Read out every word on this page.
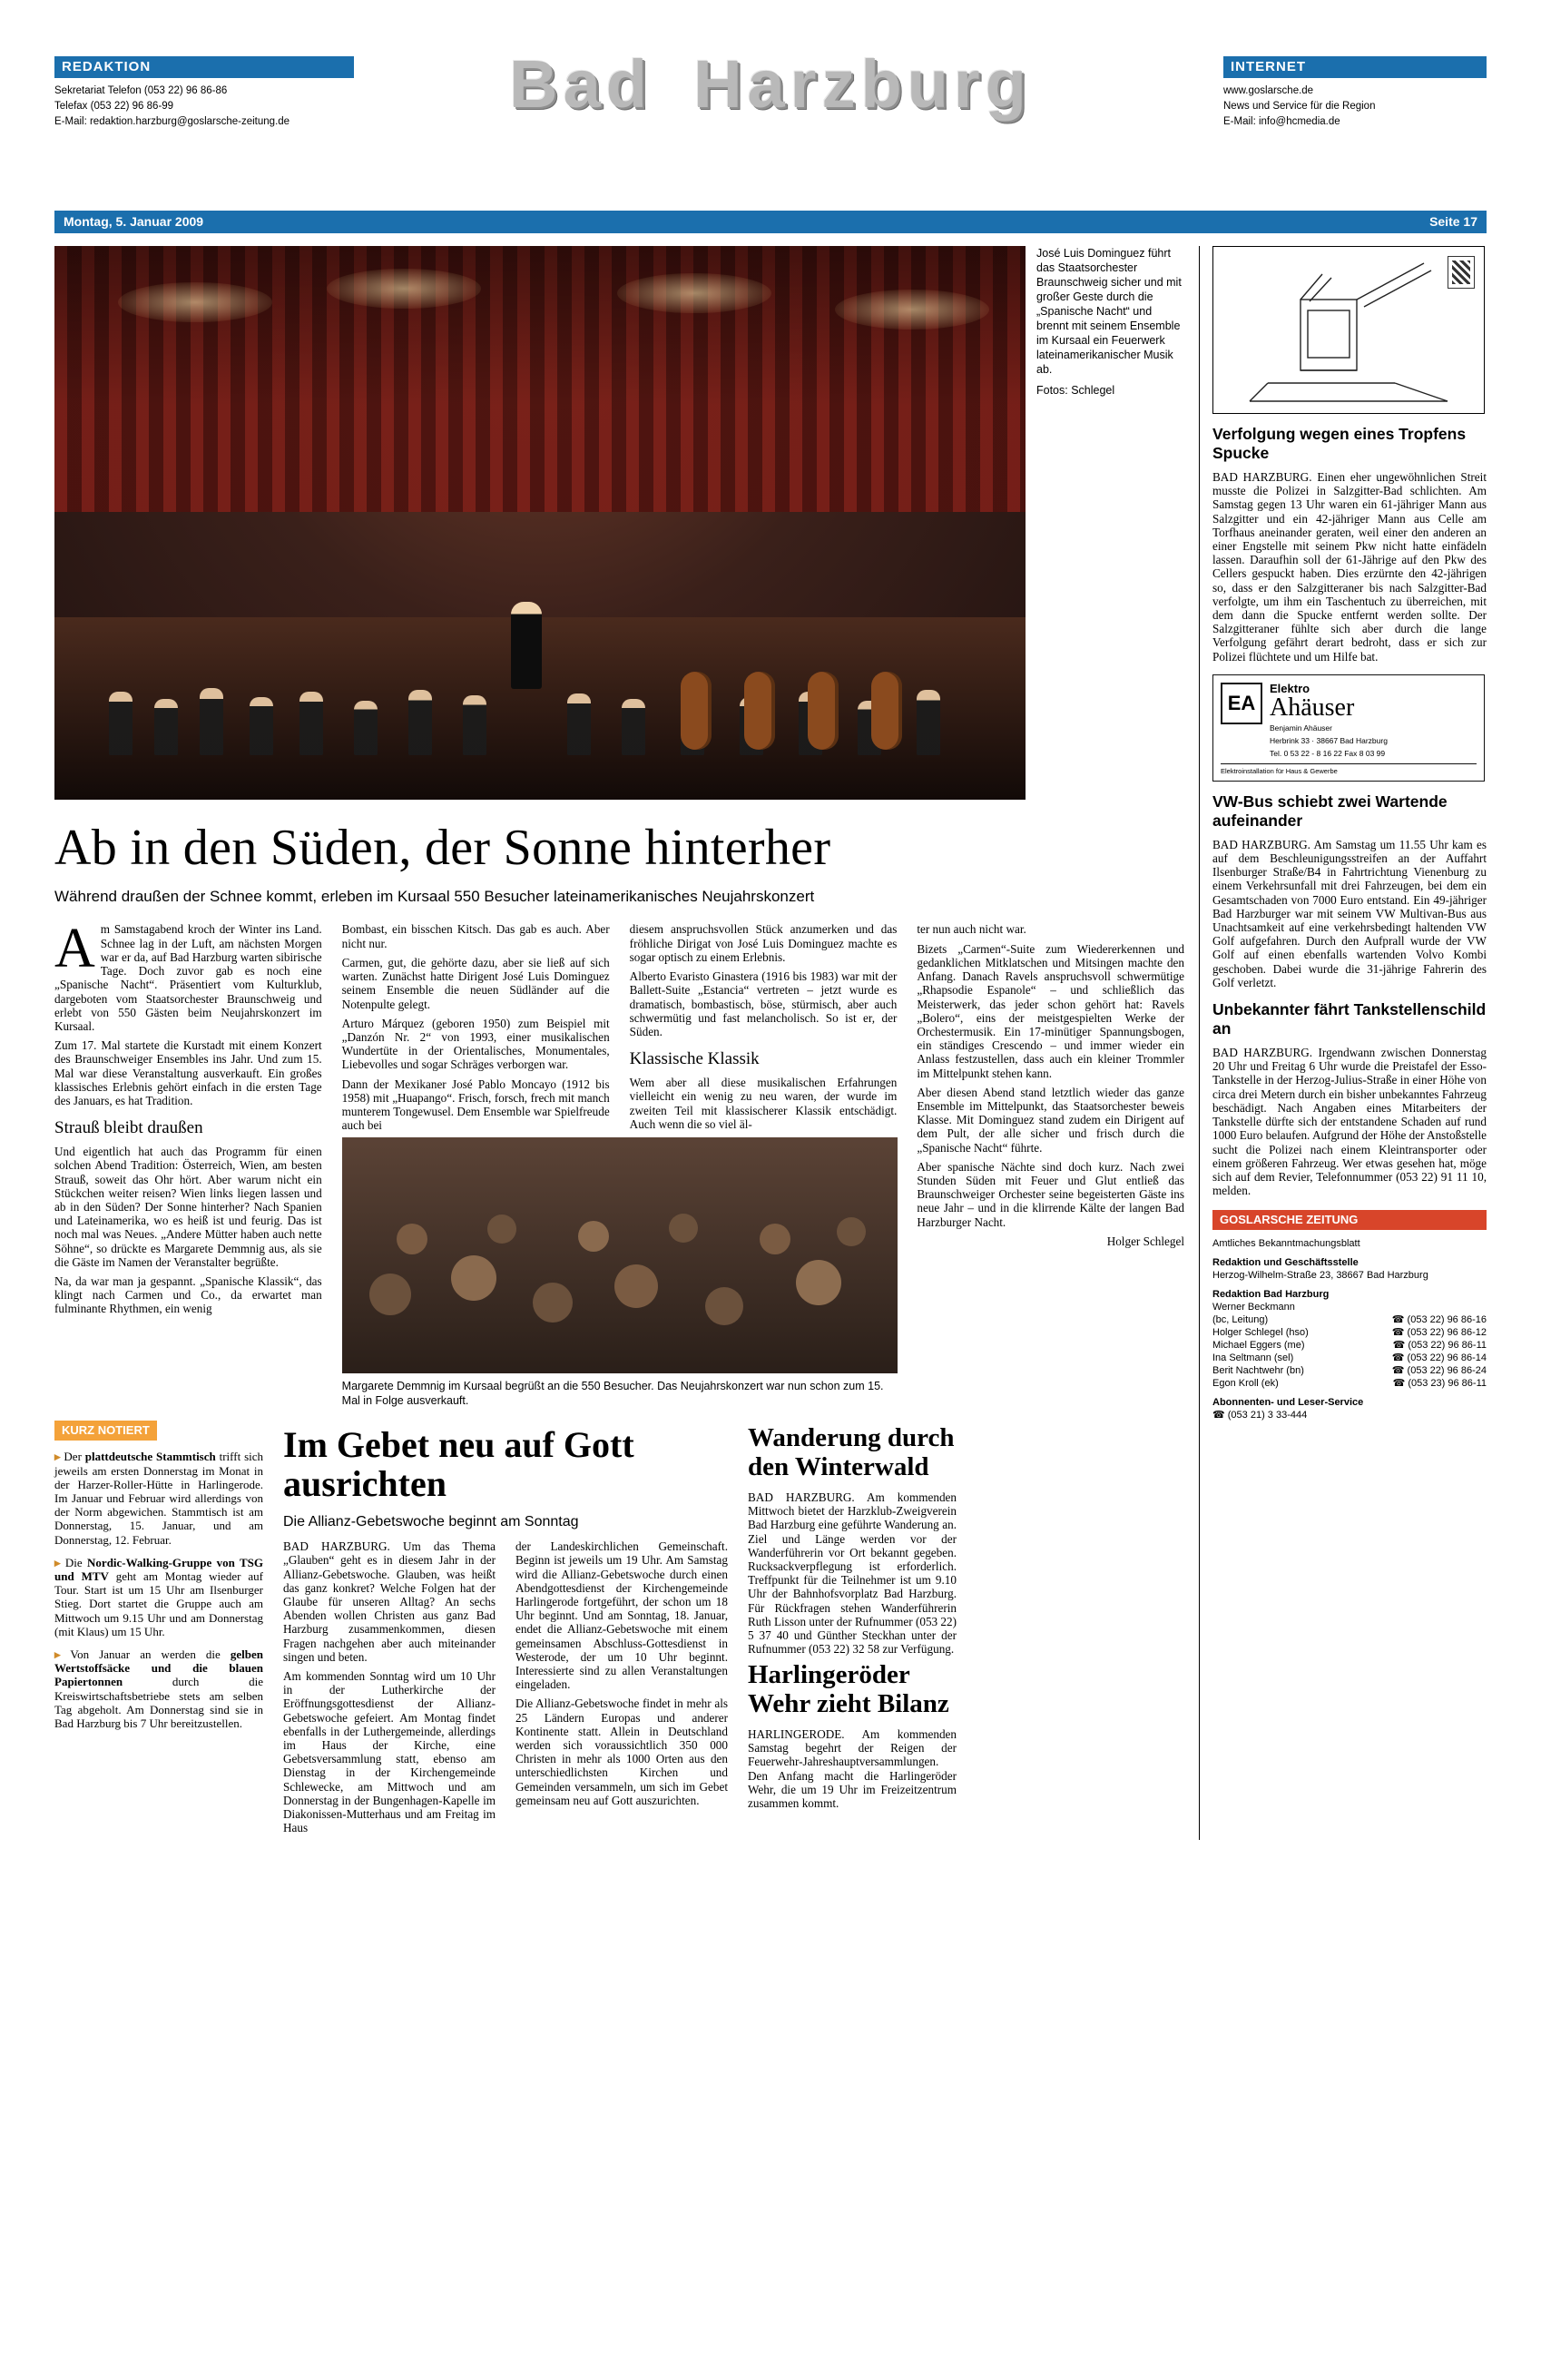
REDAKTION
Sekretariat Telefon (053 22) 96 86-86
Telefax (053 22) 96 86-99
E-Mail: redaktion.harzburg@goslarsche-zeitung.de	Bad Harzburg	INTERNET
www.goslarsche.de
News und Service für die Region
E-Mail: info@hcmedia.de
Montag, 5. Januar 2009	Seite 17
José Luis Dominguez führt das Staatsorchester Braunschweig sicher und mit großer Geste durch die „Spanische Nacht“ und brennt mit seinem Ensemble im Kursaal ein Feuerwerk lateinamerikanischer Musik ab.
Fotos: Schlegel
Ab in den Süden, der Sonne hinterher
Während draußen der Schnee kommt, erleben im Kursaal 550 Besucher lateinamerikanisches Neujahrskonzert

Am Samstagabend kroch der Winter ins Land. Schnee lag in der Luft, am nächsten Morgen war er da, auf Bad Harzburg warten sibirische Tage. Doch zuvor gab es noch eine „Spanische Nacht“. Präsentiert vom Kulturklub, dargeboten vom Staatsorchester Braunschweig und erlebt von 550 Gästen beim Neujahrskonzert im Kursaal.

Zum 17. Mal startete die Kurstadt mit einem Konzert des Braunschweiger Ensembles ins Jahr. Und zum 15. Mal war diese Veranstaltung ausverkauft. Ein großes klassisches Erlebnis gehört einfach in die ersten Tage des Januars, es hat Tradition.

Strauß bleibt draußen

Und eigentlich hat auch das Programm für einen solchen Abend Tradition: Österreich, Wien, am besten Strauß, soweit das Ohr hört. Aber warum nicht ein Stückchen weiter reisen? Wien links liegen lassen und ab in den Süden? Der Sonne hinterher? Nach Spanien und Lateinamerika, wo es heiß ist und feurig. Das ist noch mal was Neues. „Andere Mütter haben auch nette Söhne“, so drückte es Margarete Demmnig aus, als sie die Gäste im Namen der Veranstalter begrüßte.

Na, da war man ja gespannt. „Spanische Klassik“, das klingt nach Carmen und Co., da erwartet man fulminante Rhythmen, ein wenig

Bombast, ein bisschen Kitsch. Das gab es auch. Aber nicht nur.

Carmen, gut, die gehörte dazu, aber sie ließ auf sich warten. Zunächst hatte Dirigent José Luis Dominguez seinem Ensemble die neuen Südländer auf die Notenpulte gelegt.

Arturo Márquez (geboren 1950) zum Beispiel mit „Danzón Nr. 2“ von 1993, einer musikalischen Wundertüte in der Orientalisches, Monumentales, Liebevolles und sogar Schräges verborgen war.

Dann der Mexikaner José Pablo Moncayo (1912 bis 1958) mit „Huapango“. Frisch, forsch, frech mit manch munterem Tongewusel. Dem Ensemble war Spielfreude auch bei

Margarete Demmnig im Kursaal begrüßt an die 550 Besucher. Das Neujahrskonzert war nun schon zum 15. Mal in Folge ausverkauft.

diesem anspruchsvollen Stück anzumerken und das fröhliche Dirigat von José Luis Dominguez machte es sogar optisch zu einem Erlebnis.

Alberto Evaristo Ginastera (1916 bis 1983) war mit der Ballett-Suite „Estancia“ vertreten – jetzt wurde es dramatisch, bombastisch, böse, stürmisch, aber auch schwermütig und fast melancholisch. So ist er, der Süden.

Klassische Klassik

Wem aber all diese musikalischen Erfahrungen vielleicht ein wenig zu neu waren, der wurde im zweiten Teil mit klassischerer Klassik entschädigt. Auch wenn die so viel äl-

ter nun auch nicht war.

Bizets „Carmen“-Suite zum Wiedererkennen und gedanklichen Mitklatschen und Mitsingen machte den Anfang. Danach Ravels anspruchsvoll schwermütige „Rhapsodie Espanole“ – und schließlich das Meisterwerk, das jeder schon gehört hat: Ravels „Bolero“, eins der meistgespielten Werke der Orchestermusik. Ein 17-minütiger Spannungsbogen, ein ständiges Crescendo – und immer wieder ein Anlass festzustellen, dass auch ein kleiner Trommler im Mittelpunkt stehen kann.

Aber diesen Abend stand letztlich wieder das ganze Ensemble im Mittelpunkt, das Staatsorchester beweis Klasse. Mit Dominguez stand zudem ein Dirigent auf dem Pult, der alle sicher und frisch durch die „Spanische Nacht“ führte.

Aber spanische Nächte sind doch kurz. Nach zwei Stunden Süden mit Feuer und Glut entließ das Braunschweiger Orchester seine begeisterten Gäste ins neue Jahr – und in die klirrende Kälte der langen Bad Harzburger Nacht.

Holger Schlegel

KURZ NOTIERT
▸ Der plattdeutsche Stammtisch trifft sich jeweils am ersten Donnerstag im Monat in der Harzer-Roller-Hütte in Harlingerode. Im Januar und Februar wird allerdings von der Norm abgewichen. Stammtisch ist am Donnerstag, 15. Januar, und am Donnerstag, 12. Februar.
▸ Die Nordic-Walking-Gruppe von TSG und MTV geht am Montag wieder auf Tour. Start ist um 15 Uhr am Ilsenburger Stieg. Dort startet die Gruppe auch am Mittwoch um 9.15 Uhr und am Donnerstag (mit Klaus) um 15 Uhr.
▸ Von Januar an werden die gelben Wertstoffsäcke und die blauen Papiertonnen durch die Kreiswirtschaftsbetriebe stets am selben Tag abgeholt. Am Donnerstag sind sie in Bad Harzburg bis 7 Uhr bereitzustellen.
Im Gebet neu auf Gott ausrichten
Die Allianz-Gebetswoche beginnt am Sonntag

BAD HARZBURG. Um das Thema „Glauben“ geht es in diesem Jahr in der Allianz-Gebetswoche. Glauben, was heißt das ganz konkret? Welche Folgen hat der Glaube für unseren Alltag? An sechs Abenden wollen Christen aus ganz Bad Harzburg zusammenkommen, diesen Fragen nachgehen aber auch miteinander singen und beten.

Am kommenden Sonntag wird um 10 Uhr in der Lutherkirche der Eröffnungsgottesdienst der Allianz-Gebetswoche gefeiert. Am Montag findet ebenfalls in der Luthergemeinde, allerdings im Haus der Kirche, eine Gebetsversammlung statt, ebenso am Dienstag in der Kirchengemeinde Schlewecke, am Mittwoch und am Donnerstag in der Bungenhagen-Kapelle im Diakonissen-Mutterhaus und am Freitag im Haus

der Landeskirchlichen Gemeinschaft. Beginn ist jeweils um 19 Uhr. Am Samstag wird die Allianz-Gebetswoche durch einen Abendgottesdienst der Kirchengemeinde Harlingerode fortgeführt, der schon um 18 Uhr beginnt. Und am Sonntag, 18. Januar, endet die Allianz-Gebetswoche mit einem gemeinsamen Abschluss-Gottesdienst in Westerode, der um 10 Uhr beginnt. Interessierte sind zu allen Veranstaltungen eingeladen.

Die Allianz-Gebetswoche findet in mehr als 25 Ländern Europas und anderer Kontinente statt. Allein in Deutschland werden sich voraussichtlich 350 000 Christen in mehr als 1000 Orten aus den unterschiedlichsten Kirchen und Gemeinden versammeln, um sich im Gebet gemeinsam neu auf Gott auszurichten.

Wanderung durch den Winterwald

BAD HARZBURG. Am kommenden Mittwoch bietet der Harzklub-Zweigverein Bad Harzburg eine geführte Wanderung an. Ziel und Länge werden vor der Wanderführerin vor Ort bekannt gegeben. Rucksackverpflegung ist erforderlich. Treffpunkt für die Teilnehmer ist um 9.10 Uhr der Bahnhofsvorplatz Bad Harzburg. Für Rückfragen stehen Wanderführerin Ruth Lisson unter der Rufnummer (053 22) 5 37 40 und Günther Steckhan unter der Rufnummer (053 22) 32 58 zur Verfügung.

Harlingeröder Wehr zieht Bilanz

HARLINGERODE. Am kommenden Samstag begehrt der Reigen der Feuerwehr-Jahreshauptversammlungen. Den Anfang macht die Harlingeröder Wehr, die um 19 Uhr im Freizeitzentrum zusammen kommt.

Verfolgung wegen eines Tropfens Spucke
BAD HARZBURG. Einen eher ungewöhnlichen Streit musste die Polizei in Salzgitter-Bad schlichten. Am Samstag gegen 13 Uhr waren ein 61-jähriger Mann aus Salzgitter und ein 42-jähriger Mann aus Celle am Torfhaus aneinander geraten, weil einer den anderen an einer Engstelle mit seinem Pkw nicht hatte einfädeln lassen. Daraufhin soll der 61-Jährige auf den Pkw des Cellers gespuckt haben. Dies erzürnte den 42-jährigen so, dass er den Salzgitteraner bis nach Salzgitter-Bad verfolgte, um ihm ein Taschentuch zu überreichen, mit dem dann die Spucke entfernt werden sollte. Der Salzgitteraner fühlte sich aber durch die lange Verfolgung gefährt derart bedroht, dass er sich zur Polizei flüchtete und um Hilfe bat.
EA
Elektro
Ahäuser
Benjamin Ahäuser
Herbrink 33 · 38667 Bad Harzburg
Tel. 0 53 22 - 8 16 22 Fax 8 03 99
Elektroinstallation für Haus & Gewerbe
VW-Bus schiebt zwei Wartende aufeinander
BAD HARZBURG. Am Samstag um 11.55 Uhr kam es auf dem Beschleunigungsstreifen an der Auffahrt Ilsenburger Straße/B4 in Fahrtrichtung Vienenburg zu einem Verkehrsunfall mit drei Fahrzeugen, bei dem ein Gesamtschaden von 7000 Euro entstand. Ein 49-jähriger Bad Harzburger war mit seinem VW Multivan-Bus aus Unachtsamkeit auf eine verkehrsbedingt haltenden VW Golf aufgefahren. Durch den Aufprall wurde der VW Golf auf einen ebenfalls wartenden Volvo Kombi geschoben. Dabei wurde die 31-jährige Fahrerin des Golf verletzt.
Unbekannter fährt Tankstellenschild an
BAD HARZBURG. Irgendwann zwischen Donnerstag 20 Uhr und Freitag 6 Uhr wurde die Preistafel der Esso-Tankstelle in der Herzog-Julius-Straße in einer Höhe von circa drei Metern durch ein bisher unbekanntes Fahrzeug beschädigt. Nach Angaben eines Mitarbeiters der Tankstelle dürfte sich der entstandene Schaden auf rund 1000 Euro belaufen. Aufgrund der Höhe der Anstoßstelle sucht die Polizei nach einem Kleintransporter oder einem größeren Fahrzeug. Wer etwas gesehen hat, möge sich auf dem Revier, Telefonnummer (053 22) 91 11 10, melden.
GOSLARSCHE ZEITUNG
Amtliches Bekanntmachungsblatt
Redaktion und Geschäftsstelle
Herzog-Wilhelm-Straße 23, 38667 Bad Harzburg
Redaktion Bad Harzburg
Werner Beckmann
(bc, Leitung)	☎ (053 22) 96 86-16
Holger Schlegel (hso)	☎ (053 22) 96 86-12
Michael Eggers (me)	☎ (053 22) 96 86-11
Ina Seltmann (sel)	☎ (053 22) 96 86-14
Berit Nachtwehr (bn)	☎ (053 22) 96 86-24
Egon Kroll (ek)	☎ (053 23) 96 86-11
Abonnenten- und Leser-Service
☎ (053 21) 3 33-444
